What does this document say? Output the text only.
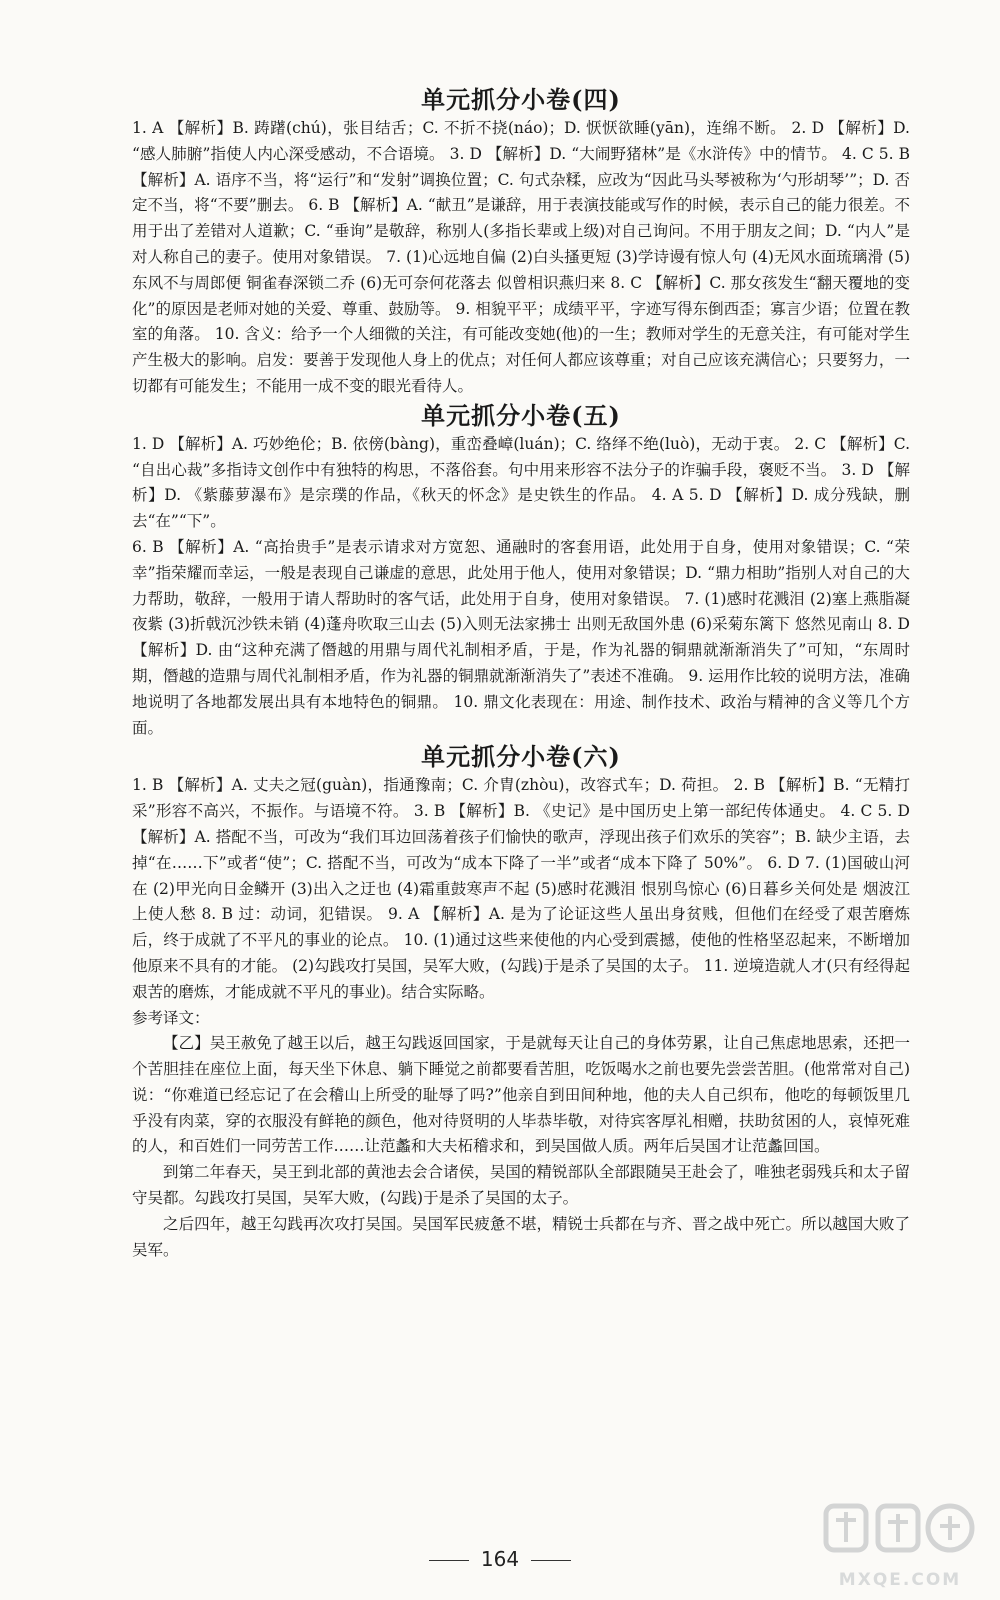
单元抓分小卷(四)

1. A 【解析】B. 踌躇(chú)，张目结舌；C. 不折不挠(náo)；D. 恹恹欲睡(yān)，连绵不断。 2. D 【解析】D. “感人肺腑”指使人内心深受感动，不合语境。 3. D 【解析】D. “大闹野猪林”是《水浒传》中的情节。 4. C 5. B 【解析】A. 语序不当，将“运行”和“发射”调换位置；C. 句式杂糅，应改为“因此马头琴被称为‘勺形胡琴’”；D. 否定不当，将“不要”删去。 6. B 【解析】A. “献丑”是谦辞，用于表演技能或写作的时候，表示自己的能力很差。不用于出了差错对人道歉；C. “垂询”是敬辞，称别人(多指长辈或上级)对自己询问。不用于朋友之间；D. “内人”是对人称自己的妻子。使用对象错误。 7. (1)心远地自偏 (2)白头搔更短 (3)学诗谩有惊人句 (4)无风水面琉璃滑 (5)东风不与周郎便 铜雀春深锁二乔 (6)无可奈何花落去 似曾相识燕归来 8. C 【解析】C. 那女孩发生“翻天覆地的变化”的原因是老师对她的关爱、尊重、鼓励等。 9. 相貌平平；成绩平平，字迹写得东倒西歪；寡言少语；位置在教室的角落。 10. 含义：给予一个人细微的关注，有可能改变她(他)的一生；教师对学生的无意关注，有可能对学生产生极大的影响。启发：要善于发现他人身上的优点；对任何人都应该尊重；对自己应该充满信心；只要努力，一切都有可能发生；不能用一成不变的眼光看待人。

单元抓分小卷(五)

1. D 【解析】A. 巧妙绝伦；B. 依傍(bàng)，重峦叠嶂(luán)；C. 络绎不绝(luò)，无动于衷。 2. C 【解析】C. “自出心裁”多指诗文创作中有独特的构思，不落俗套。句中用来形容不法分子的诈骗手段，褒贬不当。 3. D 【解析】D. 《紫藤萝瀑布》是宗璞的作品，《秋天的怀念》是史铁生的作品。 4. A 5. D 【解析】D. 成分残缺，删去“在”“下”。

6. B 【解析】A. “高抬贵手”是表示请求对方宽恕、通融时的客套用语，此处用于自身，使用对象错误；C. “荣幸”指荣耀而幸运，一般是表现自己谦虚的意思，此处用于他人，使用对象错误；D. “鼎力相助”指别人对自己的大力帮助，敬辞，一般用于请人帮助时的客气话，此处用于自身，使用对象错误。 7. (1)感时花溅泪 (2)塞上燕脂凝夜紫 (3)折戟沉沙铁未销 (4)蓬舟吹取三山去 (5)入则无法家拂士 出则无敌国外患 (6)采菊东篱下 悠然见南山 8. D 【解析】D. 由“这种充满了僭越的用鼎与周代礼制相矛盾，于是，作为礼器的铜鼎就渐渐消失了”可知，“东周时期，僭越的造鼎与周代礼制相矛盾，作为礼器的铜鼎就渐渐消失了”表述不准确。 9. 运用作比较的说明方法，准确地说明了各地都发展出具有本地特色的铜鼎。 10. 鼎文化表现在：用途、制作技术、政治与精神的含义等几个方面。

单元抓分小卷(六)

1. B 【解析】A. 丈夫之冠(guàn)，指通豫南；C. 介胄(zhòu)，改容式车；D. 荷担。 2. B 【解析】B. “无精打采”形容不高兴，不振作。与语境不符。 3. B 【解析】B. 《史记》是中国历史上第一部纪传体通史。 4. C 5. D 【解析】A. 搭配不当，可改为“我们耳边回荡着孩子们愉快的歌声，浮现出孩子们欢乐的笑容”；B. 缺少主语，去掉“在……下”或者“使”；C. 搭配不当，可改为“成本下降了一半”或者“成本下降了 50%”。 6. D 7. (1)国破山河在 (2)甲光向日金鳞开 (3)出入之迂也 (4)霜重鼓寒声不起 (5)感时花溅泪 恨别鸟惊心 (6)日暮乡关何处是 烟波江上使人愁 8. B 过：动词，犯错误。 9. A 【解析】A. 是为了论证这些人虽出身贫贱，但他们在经受了艰苦磨炼后，终于成就了不平凡的事业的论点。 10. (1)通过这些来使他的内心受到震撼，使他的性格坚忍起来，不断增加他原来不具有的才能。 (2)勾践攻打吴国，吴军大败，(勾践)于是杀了吴国的太子。 11. 逆境造就人才(只有经得起艰苦的磨炼，才能成就不平凡的事业)。结合实际略。

参考译文：

【乙】吴王赦免了越王以后，越王勾践返回国家，于是就每天让自己的身体劳累，让自己焦虑地思索，还把一个苦胆挂在座位上面，每天坐下休息、躺下睡觉之前都要看苦胆，吃饭喝水之前也要先尝尝苦胆。(他常常对自己)说：“你难道已经忘记了在会稽山上所受的耻辱了吗?”他亲自到田间种地，他的夫人自己织布，他吃的每顿饭里几乎没有肉菜，穿的衣服没有鲜艳的颜色，他对待贤明的人毕恭毕敬，对待宾客厚礼相赠，扶助贫困的人，哀悼死难的人，和百姓们一同劳苦工作……让范蠡和大夫柘稽求和，到吴国做人质。两年后吴国才让范蠡回国。

到第二年春天，吴王到北部的黄池去会合诸侯，吴国的精锐部队全部跟随吴王赴会了，唯独老弱残兵和太子留守吴都。勾践攻打吴国，吴军大败，(勾践)于是杀了吴国的太子。

之后四年，越王勾践再次攻打吴国。吴国军民疲惫不堪，精锐士兵都在与齐、晋之战中死亡。所以越国大败了吴军。

164
MXQE.COM
